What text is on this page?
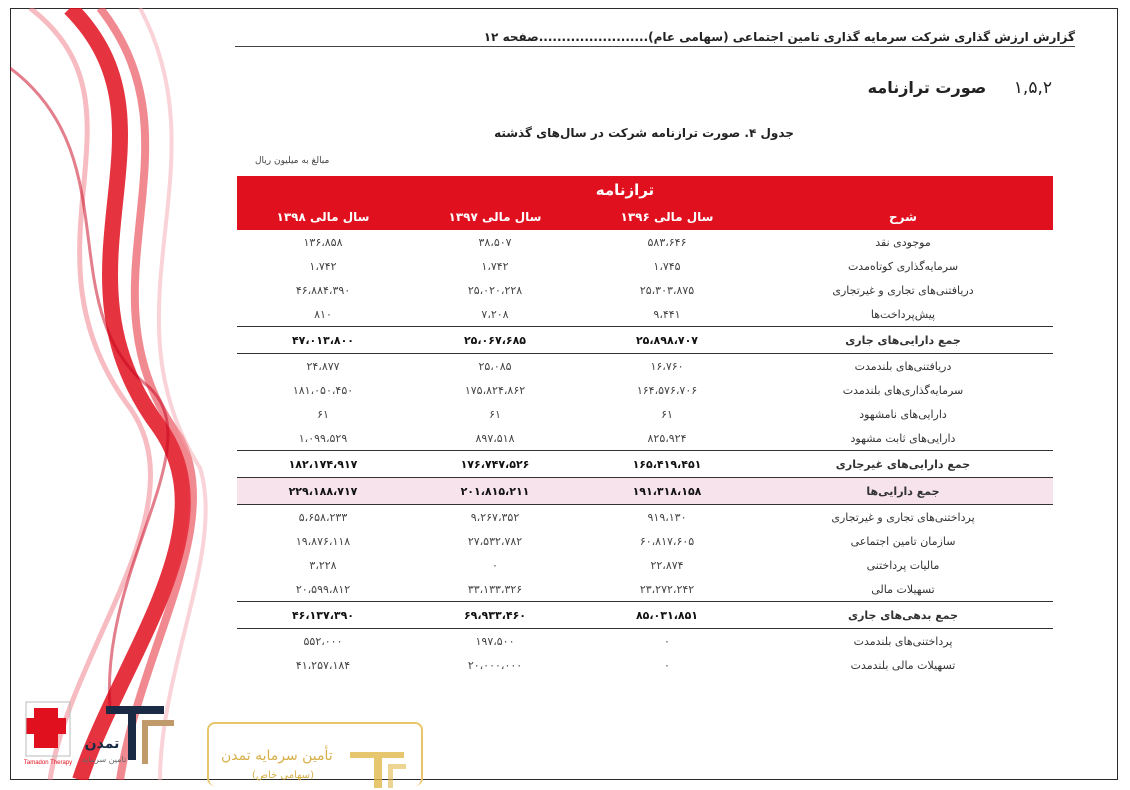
گزارش ارزش گذاری شرکت سرمایه گذاری تامین اجتماعی (سهامی عام)........................صفحه ۱۲
۱,۵,۲ صورت ترازنامه
جدول ۴. صورت ترازنامه شرکت در سال‌های گذشته
مبالغ به میلیون ریال
ترازنامه			
شرح	سال مالی ۱۳۹۶	سال مالی ۱۳۹۷	سال مالی ۱۳۹۸
موجودی نقد	۵۸۳،۶۴۶	۳۸،۵۰۷	۱۳۶،۸۵۸
سرمایه‌گذاری کوتاه‌مدت	۱،۷۴۵	۱،۷۴۲	۱،۷۴۲
دریافتنی‌های تجاری و غیرتجاری	۲۵،۳۰۳،۸۷۵	۲۵،۰۲۰،۲۲۸	۴۶،۸۸۴،۳۹۰
پیش‌پرداخت‌ها	۹،۴۴۱	۷،۲۰۸	۸۱۰
جمع دارایی‌های جاری	۲۵،۸۹۸،۷۰۷	۲۵،۰۶۷،۶۸۵	۴۷،۰۱۳،۸۰۰
دریافتنی‌های بلندمدت	۱۶،۷۶۰	۲۵،۰۸۵	۲۴،۸۷۷
سرمایه‌گذاری‌های بلندمدت	۱۶۴،۵۷۶،۷۰۶	۱۷۵،۸۲۴،۸۶۲	۱۸۱،۰۵۰،۴۵۰
دارایی‌های نامشهود	۶۱	۶۱	۶۱
دارایی‌های ثابت مشهود	۸۲۵،۹۲۴	۸۹۷،۵۱۸	۱،۰۹۹،۵۲۹
جمع دارایی‌های غیرجاری	۱۶۵،۴۱۹،۴۵۱	۱۷۶،۷۴۷،۵۲۶	۱۸۲،۱۷۴،۹۱۷
جمع دارایی‌ها	۱۹۱،۳۱۸،۱۵۸	۲۰۱،۸۱۵،۲۱۱	۲۲۹،۱۸۸،۷۱۷
پرداختنی‌های تجاری و غیرتجاری	۹۱۹،۱۳۰	۹،۲۶۷،۳۵۲	۵،۶۵۸،۲۳۳
سازمان تامین اجتماعی	۶۰،۸۱۷،۶۰۵	۲۷،۵۳۲،۷۸۲	۱۹،۸۷۶،۱۱۸
مالیات پرداختنی	۲۲،۸۷۴	۰	۳،۲۲۸
تسهیلات مالی	۲۳،۲۷۲،۲۴۲	۳۳،۱۳۳،۳۲۶	۲۰،۵۹۹،۸۱۲
جمع بدهی‌های جاری	۸۵،۰۳۱،۸۵۱	۶۹،۹۳۳،۴۶۰	۴۶،۱۳۷،۳۹۰
پرداختنی‌های بلندمدت	۰	۱۹۷،۵۰۰	۵۵۲،۰۰۰
تسهیلات مالی بلندمدت	۰	۲۰،۰۰۰،۰۰۰	۴۱،۲۵۷،۱۸۴
Tamadon Therapy
تمدن
تامین سرمایه	تأمین سرمایه تمدن
(سهامی خاص)
